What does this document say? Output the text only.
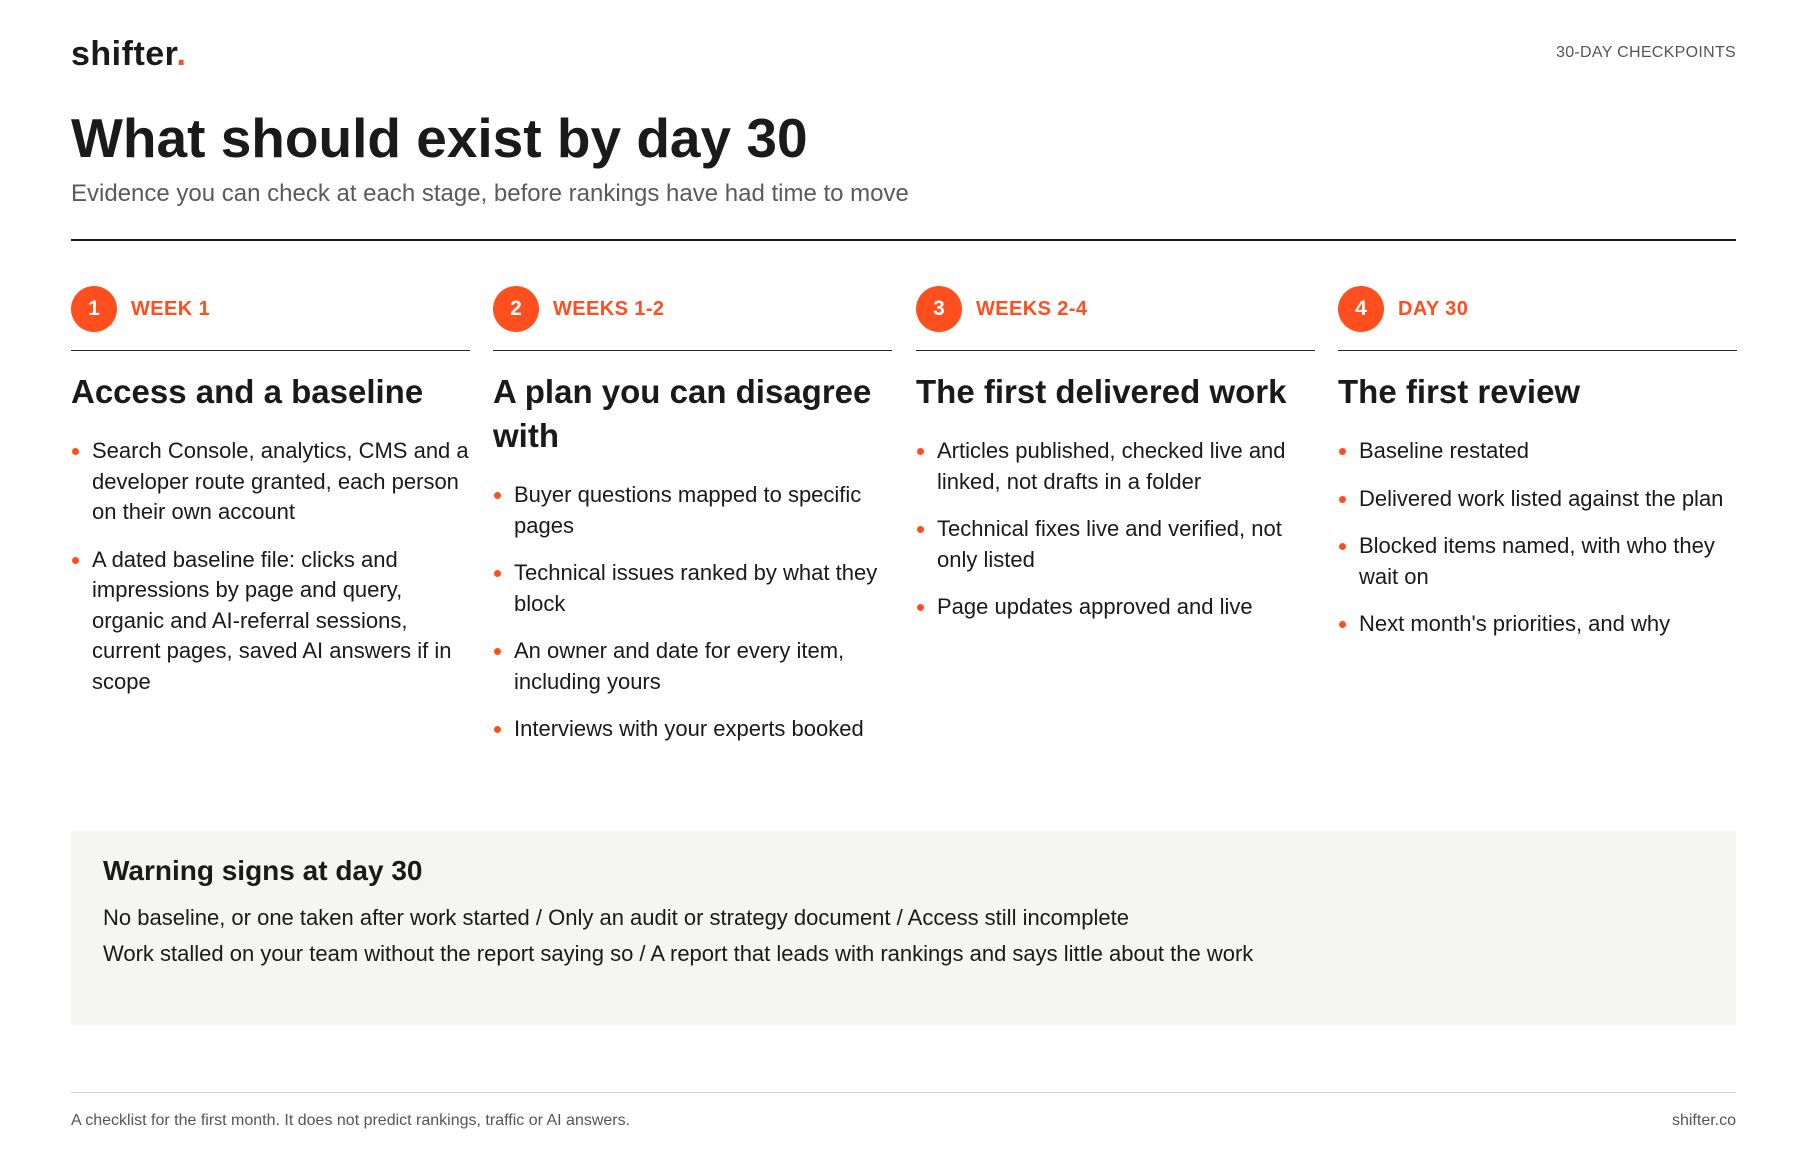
shifter.	30-DAY CHECKPOINTS
What should exist by day 30

Evidence you can check at each stage, before rankings have had time to move

1	WEEK 1
Access and a baseline
Search Console, analytics, CMS and a developer route granted, each person on their own account
A dated baseline file: clicks and impressions by page and query, organic and AI-referral sessions, current pages, saved AI answers if in scope
2	WEEKS 1-2
A plan you can disagree with
Buyer questions mapped to specific pages
Technical issues ranked by what they block
An owner and date for every item, including yours
Interviews with your experts booked
3	WEEKS 2-4
The first delivered work
Articles published, checked live and linked, not drafts in a folder
Technical fixes live and verified, not only listed
Page updates approved and live
4	DAY 30
The first review
Baseline restated
Delivered work listed against the plan
Blocked items named, with who they wait on
Next month's priorities, and why
Warning signs at day 30
No baseline, or one taken after work started / Only an audit or strategy document / Access still incomplete
Work stalled on your team without the report saying so / A report that leads with rankings and says little about the work
A checklist for the first month. It does not predict rankings, traffic or AI answers.	shifter.co
